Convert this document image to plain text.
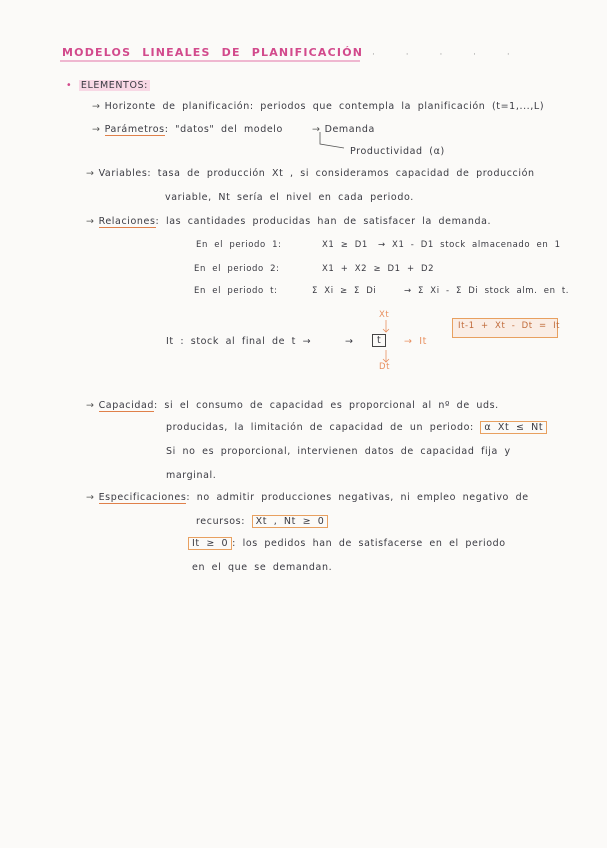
MODELOS LINEALES DE PLANIFICACIÓN · · · · ·
• ELEMENTOS:
→ Horizonte de planificación: periodos que contempla la planificación (t=1,...,L)
→ Parámetros: "datos" del modelo	→ Demanda
Productividad (α)
→ Variables: tasa de producción Xt , si consideramos capacidad de producción
variable, Nt sería el nivel en cada periodo.
→ Relaciones: las cantidades producidas han de satisfacer la demanda.
En el periodo 1:	X1 ≥ D1 → X1 - D1 stock almacenado en 1
En el periodo 2:	X1 + X2 ≥ D1 + D2
En el periodo t:	Σ Xi ≥ Σ Di	→ Σ Xi - Σ Di stock alm. en t.
It : stock al final de t →
Xt
→	t	→ It
Dt
It-1 + Xt - Dt = It
→ Capacidad: si el consumo de capacidad es proporcional al nº de uds.
producidas, la limitación de capacidad de un periodo: α Xt ≤ Nt
Si no es proporcional, intervienen datos de capacidad fija y
marginal.
→ Especificaciones: no admitir producciones negativas, ni empleo negativo de
recursos: Xt , Nt ≥ 0
It ≥ 0 : los pedidos han de satisfacerse en el periodo
en el que se demandan.
